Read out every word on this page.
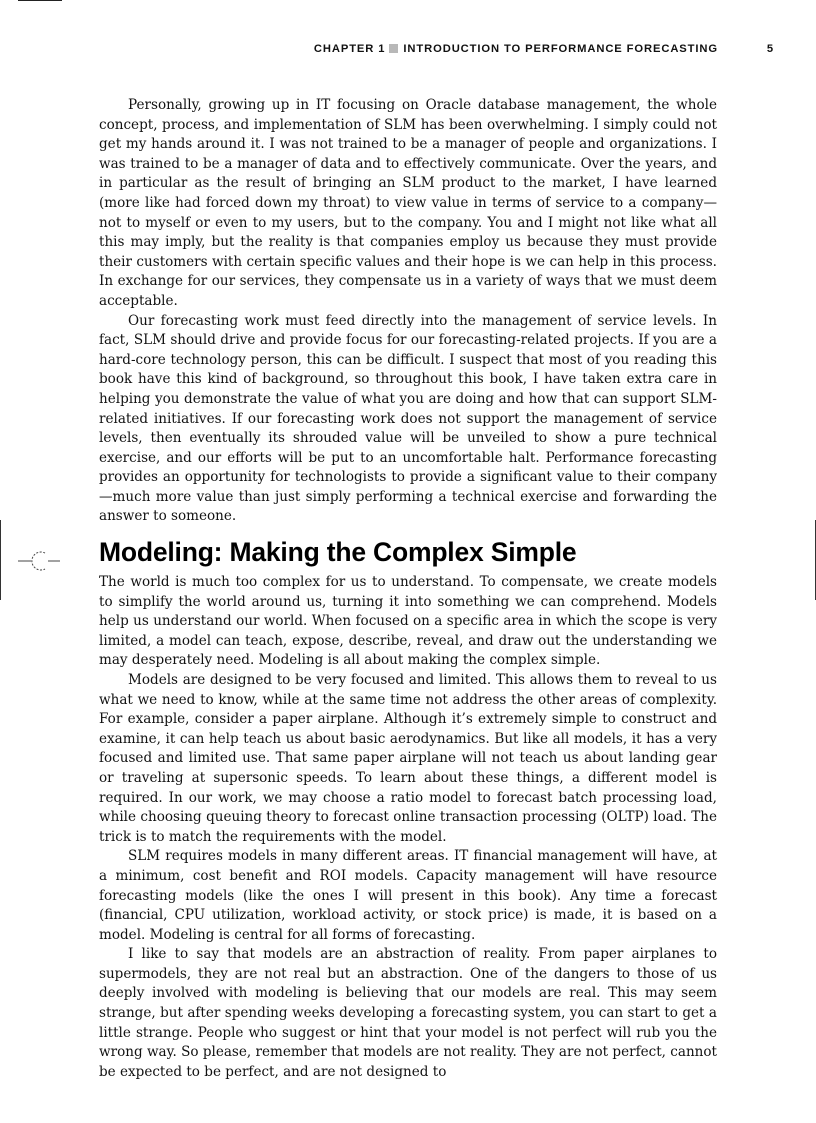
CHAPTER 1 INTRODUCTION TO PERFORMANCE FORECASTING	5

Personally, growing up in IT focusing on Oracle database management, the whole concept, process, and implementation of SLM has been overwhelming. I simply could not get my hands around it. I was not trained to be a manager of people and organizations. I was trained to be a manager of data and to effectively communicate. Over the years, and in particular as the result of bringing an SLM product to the market, I have learned (more like had forced down my throat) to view value in terms of service to a company—not to myself or even to my users, but to the company. You and I might not like what all this may imply, but the reality is that companies employ us because they must provide their customers with certain specific values and their hope is we can help in this process. In exchange for our services, they compensate us in a variety of ways that we must deem acceptable.

Our forecasting work must feed directly into the management of service levels. In fact, SLM should drive and provide focus for our forecasting-related projects. If you are a hard-core technology person, this can be difficult. I suspect that most of you reading this book have this kind of background, so throughout this book, I have taken extra care in helping you demonstrate the value of what you are doing and how that can support SLM-related initiatives. If our forecasting work does not support the management of service levels, then eventually its shrouded value will be unveiled to show a pure technical exercise, and our efforts will be put to an uncomfortable halt. Performance forecasting provides an opportunity for technologists to provide a significant value to their company—much more value than just simply performing a technical exercise and forwarding the answer to someone.

Modeling: Making the Complex Simple

The world is much too complex for us to understand. To compensate, we create models to simplify the world around us, turning it into something we can comprehend. Models help us understand our world. When focused on a specific area in which the scope is very limited, a model can teach, expose, describe, reveal, and draw out the understanding we may desperately need. Modeling is all about making the complex simple.

Models are designed to be very focused and limited. This allows them to reveal to us what we need to know, while at the same time not address the other areas of complexity. For example, consider a paper airplane. Although it’s extremely simple to construct and examine, it can help teach us about basic aerodynamics. But like all models, it has a very focused and limited use. That same paper airplane will not teach us about landing gear or traveling at supersonic speeds. To learn about these things, a different model is required. In our work, we may choose a ratio model to forecast batch processing load, while choosing queuing theory to forecast online transaction processing (OLTP) load. The trick is to match the requirements with the model.

SLM requires models in many different areas. IT financial management will have, at a minimum, cost benefit and ROI models. Capacity management will have resource forecasting models (like the ones I will present in this book). Any time a forecast (financial, CPU utilization, workload activity, or stock price) is made, it is based on a model. Modeling is central for all forms of forecasting.

I like to say that models are an abstraction of reality. From paper airplanes to supermodels, they are not real but an abstraction. One of the dangers to those of us deeply involved with modeling is believing that our models are real. This may seem strange, but after spending weeks developing a forecasting system, you can start to get a little strange. People who suggest or hint that your model is not perfect will rub you the wrong way. So please, remember that models are not reality. They are not perfect, cannot be expected to be perfect, and are not designed to
